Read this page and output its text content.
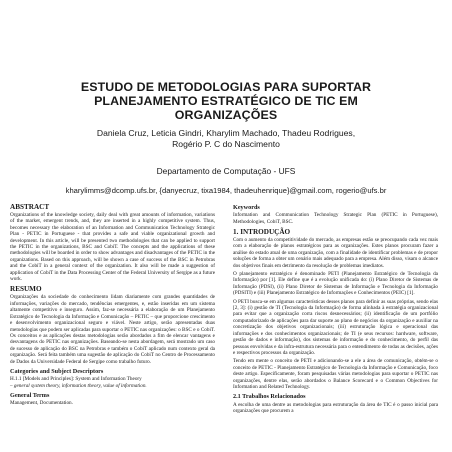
ESTUDO DE METODOLOGIAS PARA SUPORTAR
PLANEJAMENTO ESTRATÉGICO DE TIC EM
ORGANIZAÇÕES
Daniela Cruz, Leticia Gindri, Kharylim Machado, Thadeu Rodrigues,
Rogério P. C do Nascimento
Departamento de Computação - UFS
kharylimms@dcomp.ufs.br, {danyecruz, tixa1984, thadeuhenrique}@gmail.com, rogerio@ufs.br
ABSTRACT

Organizations of the knowledge society, daily deal with great amounts of information, variations of the market, emergent trends, and, they are inserted in a highly competitive system. Thus, becomes necessary the elaboration of an Information and Communication Technology Strategic Plan - PETIC in Portuguese - that provides a safe and viable organizational growth and development. In this article, will be presented two methodologies that can be applied to support the PETIC in the organizations, BSC and CobiT. The concepts and the applications of these methodologies will be boarded in order to show advantages and disadvantages of the PETIC in the organizations. Based on this approach, will be shown a case of success of the BSC in Petrobras and the CobiT in a general context of the organization. It also will be made a suggestion of application of CobiT in the Data Processing Center of the Federal University of Sergipe as a future work.

RESUMO

Organizações da sociedade do conhecimento lidam diariamente com grandes quantidades de informações, variações do mercado, tendências emergentes, e, estão inseridas em um sistema altamente competitivo e inseguro. Assim, faz-se necessária a elaboração de um Planejamento Estratégico de Tecnologia da Informação e Comunicação – PETIC – que proporcione crescimento e desenvolvimento organizacional seguro e viável. Neste artigo, serão apresentadas duas metodologias que podem ser aplicadas para suportar o PETIC nas organizações: o BSC e o CobiT. Os conceitos e as aplicações destas metodologias serão abordados a fim de elencar vantagens e desvantagens do PETIC nas organizações. Baseando-se nesta abordagem, será mostrado um caso de sucesso de aplicação do BSC na Petrobras e também o CobiT aplicado num contexto geral da organização. Será feita também uma sugestão de aplicação do CobiT no Centro de Processamento de Dados da Universidade Federal de Sergipe como trabalho futuro.

Categories and Subject Descriptors

H.1.1 [Models and Principles]: System and Information Theory
– general system theory, information theory, value of information.

General Terms

Management, Documentation.

Keywords

Information and Communication Technology Strategic Plan (PETIC in Portuguese), Methodologies, CobiT, BSC.

1. INTRODUÇÃO

Com o aumento da competitividade do mercado, as empresas estão se preocupando cada vez mais com a elaboração de planos estratégicos para as organizações. Estes planos procuram fazer a análise do estado atual de uma organização, com a finalidade de identificar problemas e de propor soluções de forma a obter um cenário mais adequado para a empresa. Além disso, visam o alcance dos objetivos finais em detrimento da resolução de problemas imediatos.

O planejamento estratégico é denominado PETI (Planejamento Estratégico de Tecnologia da Informação) por [1]. Ele define que é a evolução unificada do: (i) Plano Diretor de Sistemas de Informação (PDSI), (ii) Plano Diretor de Sistemas de Informação e Tecnologia da Informação (PDSITI) e (iii) Planejamento Estratégico de Informações e Conhecimentos (PEIC) [1].

O PETI busca-se em algumas características desses planos para definir as suas próprias, sendo elas [2, 3]: (i) gestão de TI (Tecnologia da Informação) de forma alinhada à estratégia organizacional para evitar que a organização corra riscos desnecessários; (ii) identificação de um portfólio computadorizado de aplicações para dar suporte ao plano de negócios da organização e auxiliar na concretização dos objetivos organizacionais; (iii) estruturação lógica e operacional das informações e dos conhecimentos organizacionais; de TI (e seus recursos: hardware, software, gestão de dados e informação), dos sistemas de informação e do conhecimento, do perfil das pessoas envolvidas e da infra-estrutura necessária para o entendimento de todas as decisões, ações e respectivos processos da organização.

Tendo em mente o conceito de PETI e adicionando-se a ele a área de comunicação, obtém-se o conceito de PETIC - Planejamento Estratégico de Tecnologia da Informação e Comunicação, foco deste artigo. Especificamente, foram pesquisadas várias metodologias para suportar o PETIC nas organizações, dentre elas, serão abordados o Balance Scorecard e o Common Objectives for Information and Related Technology.

2.1 Trabalhos Relacionados

A escolha de uma dentre as metodologias para estruturação da área de TIC é o passo inicial para organizações que procurem a
